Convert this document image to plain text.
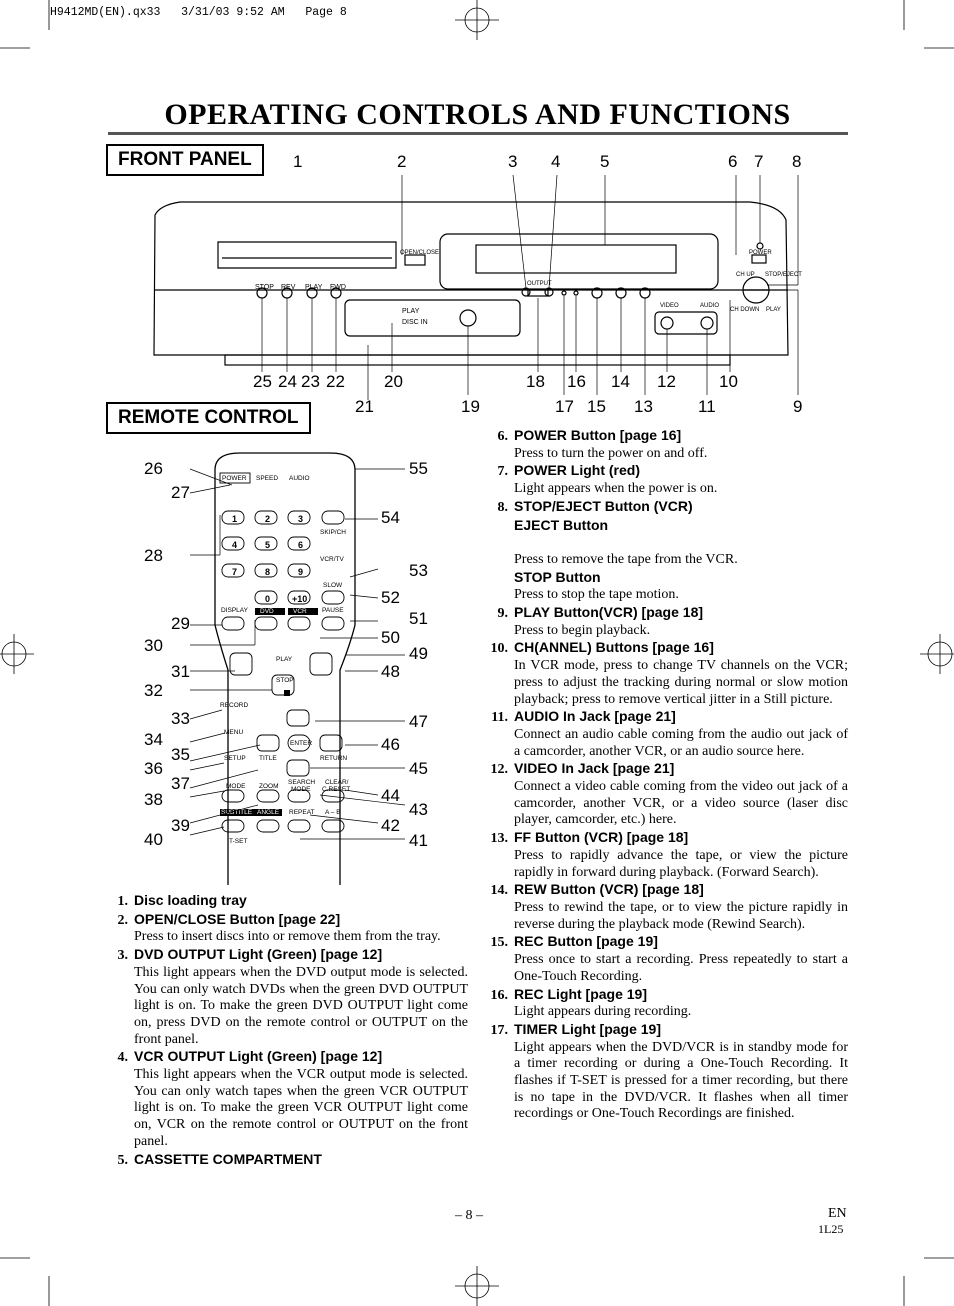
H9412MD(EN).qx33   3/31/03 9:52 AM   Page 8
OPERATING CONTROLS AND FUNCTIONS
FRONT PANEL
STOP REV PLAY FWD
OPEN/CLOSE
PLAY
DISC IN
OUTPUT
POWER
CH UP STOP/EJECT
CH DOWN PLAY
VIDEO	AUDIO
1	2	3 4 5	6 7 8
25 24 23 22 20	18 16 14 12	10
21	19	17 15 13	11	9
REMOTE CONTROL
POWER SPEED AUDIO
SKIP/CH
VCR/TV
SLOW
DISPLAY DVD	VCR PAUSE
PLAY
STOP
RECORD
MENU
ENTER
SETUP TITLE	RETURN
MODE ZOOM
SEARCH
MODE
CLEAR/
C.RESET
SUBTITLE ANGLE REPEAT A – B
T-SET
1	2	3
4	5	6
7	8	9
0 +10
26
27
28
29
30
31
32
33
34
35
36
37
38
39
40
55
54
53
52
51
50
49
48
47
46
45
44
43
42
41
1. Disc loading tray
2. OPEN/CLOSE Button [page 22]
Press to insert discs into or remove them from the tray.
3. DVD OUTPUT Light (Green) [page 12]
This light appears when the DVD output mode is selected. You can only watch DVDs when the green DVD OUTPUT light is on. To make the green DVD OUTPUT light come on, press DVD on the remote control or OUTPUT on the front panel.
4. VCR OUTPUT Light (Green) [page 12]
This light appears when the VCR output mode is selected. You can only watch tapes when the green VCR OUTPUT light is on. To make the green VCR OUTPUT light come on, VCR on the remote control or OUTPUT on the front panel.
5. CASSETTE COMPARTMENT
6. POWER Button [page 16]
Press to turn the power on and off.
7. POWER Light (red)
Light appears when the power is on.
8. STOP/EJECT Button (VCR)
EJECT Button
Press to remove the tape from the VCR.
STOP Button
Press to stop the tape motion.
9. PLAY Button(VCR) [page 18]
Press to begin playback.
10. CH(ANNEL) Buttons [page 16]
In VCR mode, press to change TV channels on the VCR; press to adjust the tracking during normal or slow motion playback; press to remove vertical jitter in a Still picture.
11. AUDIO In Jack [page 21]
Connect an audio cable coming from the audio out jack of a camcorder, another VCR, or an audio source here.
12. VIDEO In Jack [page 21]
Connect a video cable coming from the video out jack of a camcorder, another VCR, or a video source (laser disc player, camcorder, etc.) here.
13. FF Button (VCR) [page 18]
Press to rapidly advance the tape, or view the picture rapidly in forward during playback. (Forward Search).
14. REW Button (VCR) [page 18]
Press to rewind the tape, or to view the picture rapidly in reverse during the playback mode (Rewind Search).
15. REC Button [page 19]
Press once to start a recording. Press repeatedly to start a One-Touch Recording.
16. REC Light [page 19]
Light appears during recording.
17. TIMER Light [page 19]
Light appears when the DVD/VCR is in standby mode for a timer recording or during a One-Touch Recording. It flashes if T-SET is pressed for a timer recording, but there is no tape in the DVD/VCR. It flashes when all timer recordings or One-Touch Recordings are finished.
– 8 –	EN
1L25
